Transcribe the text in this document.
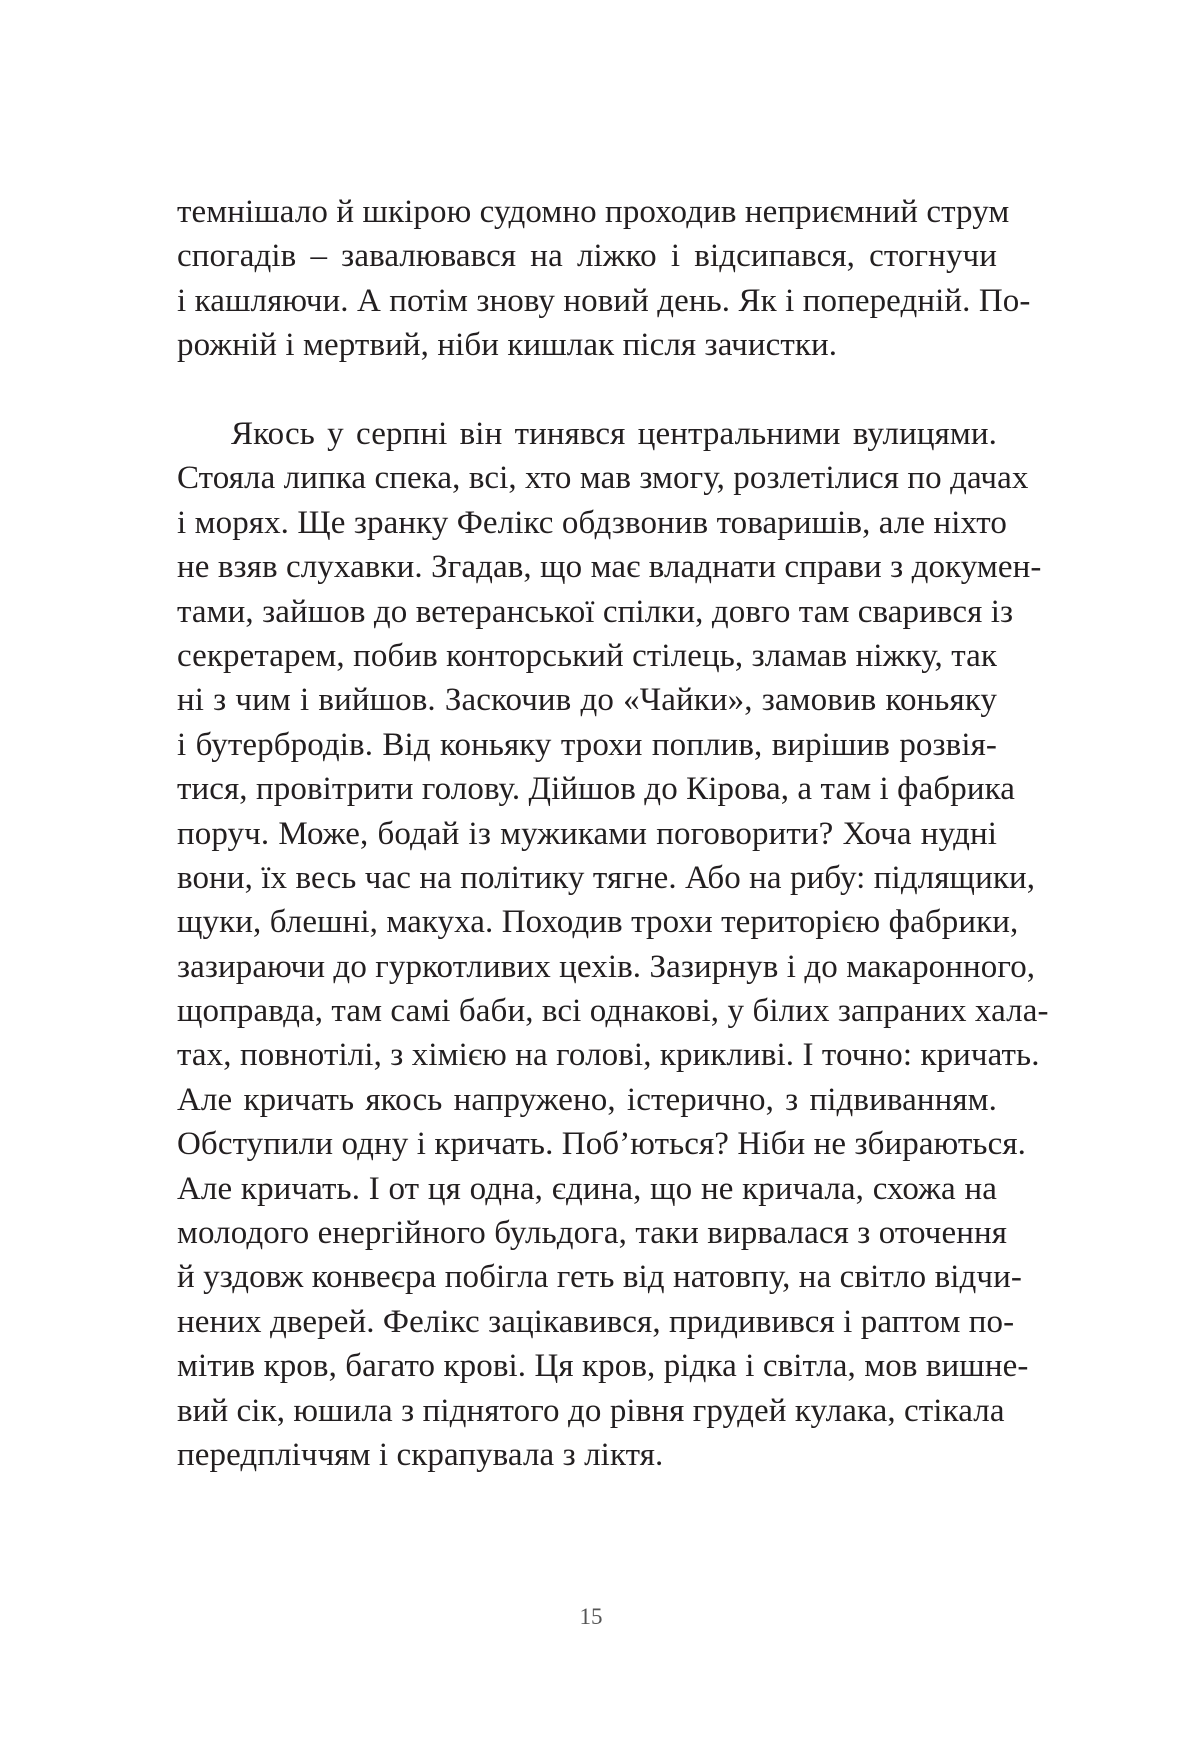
темнішало й шкірою судомно проходив неприємний струм
спогадів – завалювався на ліжко і відсипався, стогнучи
і кашляючи. А потім знову новий день. Як і попередній. По-
рожній і мертвий, ніби кишлак після зачистки.
Якось у серпні він тинявся центральними вулицями.
Стояла липка спека, всі, хто мав змогу, розлетілися по дачах
і морях. Ще зранку Фелікс обдзвонив товаришів, але ніхто
не взяв слухавки. Згадав, що має владнати справи з докумен-
тами, зайшов до ветеранської спілки, довго там сварився із
секретарем, побив конторський стілець, зламав ніжку, так
ні з чим і вийшов. Заскочив до «Чайки», замовив коньяку
і бутербродів. Від коньяку трохи поплив, вирішив розвія-
тися, провітрити голову. Дійшов до Кірова, а там і фабрика
поруч. Може, бодай із мужиками поговорити? Хоча нудні
вони, їх весь час на політику тягне. Або на рибу: підлящики,
щуки, блешні, макуха. Походив трохи територією фабрики,
зазираючи до гуркотливих цехів. Зазирнув і до макаронного,
щоправда, там самі баби, всі однакові, у білих запраних хала-
тах, повнотілі, з хімією на голові, крикливі. І точно: кричать.
Але кричать якось напружено, істерично, з підвиванням.
Обступили одну і кричать. Поб’ються? Ніби не збираються.
Але кричать. І от ця одна, єдина, що не кричала, схожа на
молодого енергійного бульдога, таки вирвалася з оточення
й уздовж конвеєра побігла геть від натовпу, на світло відчи-
нених дверей. Фелікс зацікавився, придивився і раптом по-
мітив кров, багато крові. Ця кров, рідка і світла, мов вишне-
вий сік, юшила з піднятого до рівня грудей кулака, стікала
передпліччям і скрапувала з ліктя.
15
